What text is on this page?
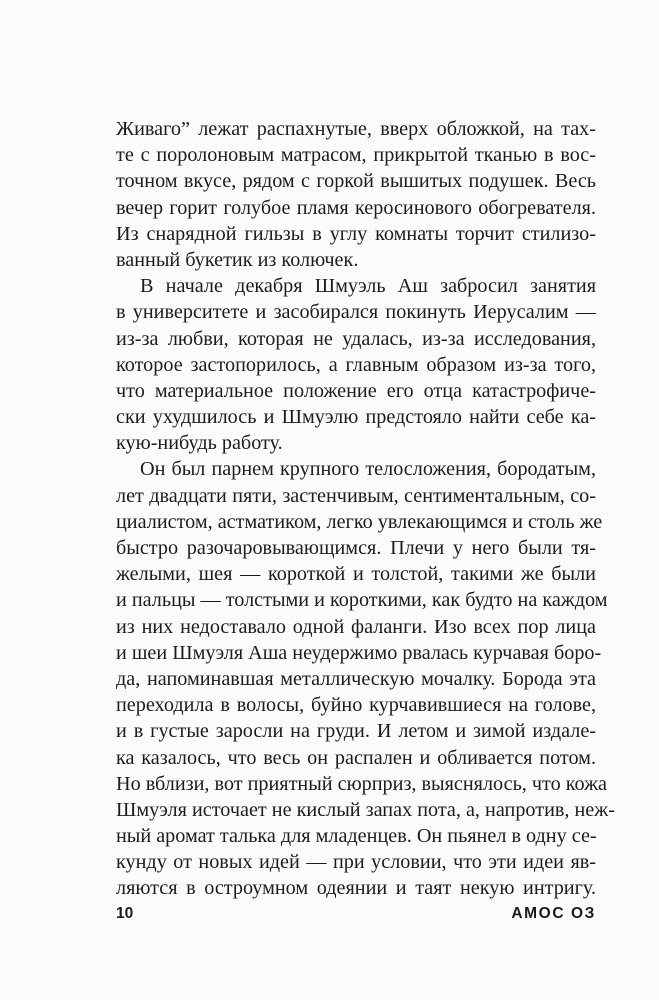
Живаго” лежат распахнутые, вверх обложкой, на тах-
те с поролоновым матрасом, прикрытой тканью в вос-
точном вкусе, рядом с горкой вышитых подушек. Весь
вечер горит голубое пламя керосинового обогревателя.
Из снарядной гильзы в углу комнаты торчит стилизо-
ванный букетик из колючек.
В начале декабря Шмуэль Аш забросил занятия
в университете и засобирался покинуть Иерусалим —
из-за любви, которая не удалась, из-за исследования,
которое застопорилось, а главным образом из-за того,
что материальное положение его отца катастрофиче-
ски ухудшилось и Шмуэлю предстояло найти себе ка-
кую-нибудь работу.
Он был парнем крупного телосложения, бородатым,
лет двадцати пяти, застенчивым, сентиментальным, со-
циалистом, астматиком, легко увлекающимся и столь же
быстро разочаровывающимся. Плечи у него были тя-
желыми, шея — короткой и толстой, такими же были
и пальцы — толстыми и короткими, как будто на каждом
из них недоставало одной фаланги. Изо всех пор лица
и шеи Шмуэля Аша неудержимо рвалась курчавая боро-
да, напоминавшая металлическую мочалку. Борода эта
переходила в волосы, буйно курчавившиеся на голове,
и в густые заросли на груди. И летом и зимой издале-
ка казалось, что весь он распален и обливается потом.
Но вблизи, вот приятный сюрприз, выяснялось, что кожа
Шмуэля источает не кислый запах пота, а, напротив, неж-
ный аромат талька для младенцев. Он пьянел в одну се-
кунду от новых идей — при условии, что эти идеи яв-
ляются в остроумном одеянии и таят некую интригу.
10	АМОС ОЗ
